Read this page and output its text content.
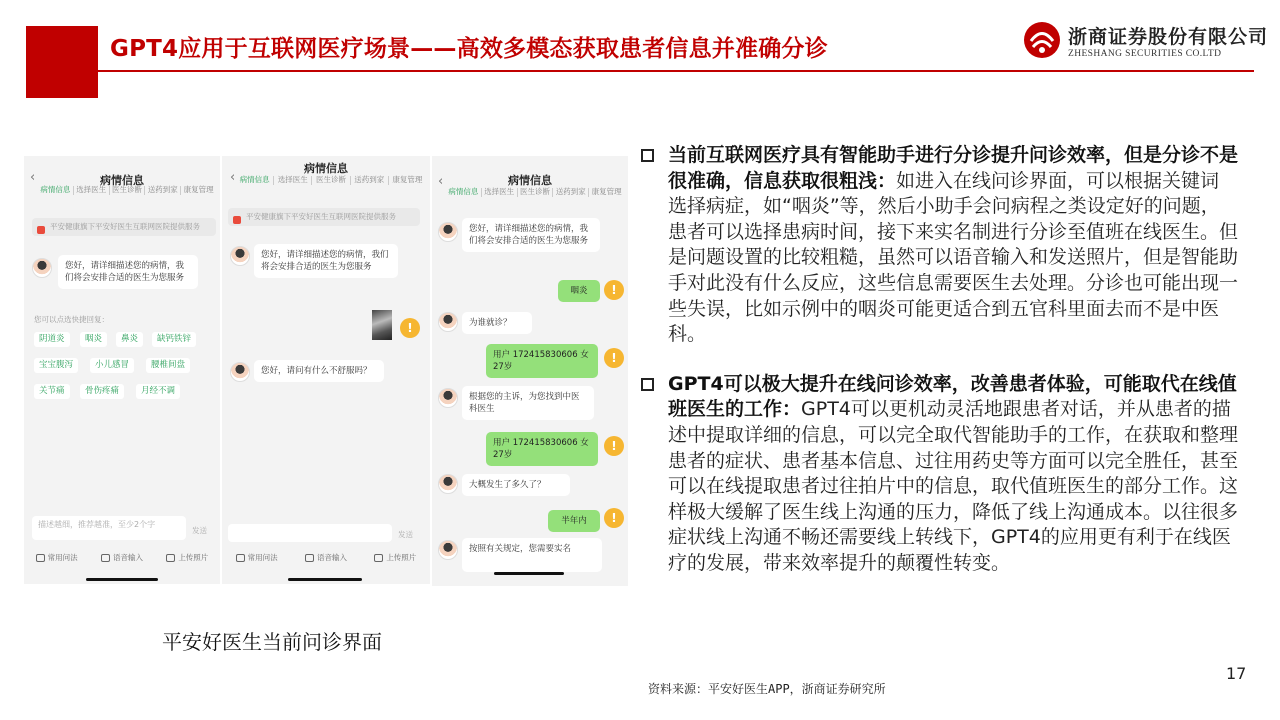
GPT4应用于互联网医疗场景——高效多模态获取患者信息并准确分诊	浙商证券股份有限公司
ZHESHANG SECURITIES CO.LTD
‹	病情信息
病情信息 选择医生 医生诊断 送药到家 康复管理
平安健康旗下平安好医生互联网医院提供服务
您好，请详细描述您的病情，我们将会安排合适的医生为您服务
您可以点选快捷回复：
阴道炎	咽炎	鼻炎	缺钙铁锌
宝宝腹泻	小儿感冒	腰椎间盘
关节痛	骨伤疼痛	月经不调
描述越细，推荐越准，至少2个字
发送
常用问法	语音输入	上传照片
‹
病情信息
病情信息	选择医生	医生诊断	送药到家	康复管理
平安健康旗下平安好医生互联网医院提供服务
您好，请详细描述您的病情，我们将会安排合适的医生为您服务
!
您好，请问有什么不舒服吗？
发送
常用问法	语音输入	上传照片
‹	病情信息
病情信息 选择医生 医生诊断 送药到家 康复管理
您好，请详细描述您的病情，我们将会安排合适的医生为您服务
咽炎	!
为谁就诊？
用户 172415830606 女 27岁
!
根据您的主诉，为您找到中医科医生
用户 172415830606 女 27岁
!
大概发生了多久了？
半年内	!
按照有关规定，您需要实名
平安好医生当前问诊界面
当前互联网医疗具有智能助手进行分诊提升问诊效率，但是分诊不是很准确，信息获取很粗浅：如进入在线问诊界面，可以根据关键词选择病症，如“咽炎”等，然后小助手会问病程之类设定好的问题，患者可以选择患病时间，接下来实名制进行分诊至值班在线医生。但是问题设置的比较粗糙，虽然可以语音输入和发送照片，但是智能助手对此没有什么反应，这些信息需要医生去处理。分诊也可能出现一些失误，比如示例中的咽炎可能更适合到五官科里面去而不是中医科。
GPT4可以极大提升在线问诊效率，改善患者体验，可能取代在线值班医生的工作：GPT4可以更机动灵活地跟患者对话，并从患者的描述中提取详细的信息，可以完全取代智能助手的工作，在获取和整理患者的症状、患者基本信息、过往用药史等方面可以完全胜任，甚至可以在线提取患者过往拍片中的信息，取代值班医生的部分工作。这样极大缓解了医生线上沟通的压力，降低了线上沟通成本。以往很多症状线上沟通不畅还需要线上转线下，GPT4的应用更有利于在线医疗的发展，带来效率提升的颠覆性转变。
17
资料来源：平安好医生APP，浙商证券研究所
